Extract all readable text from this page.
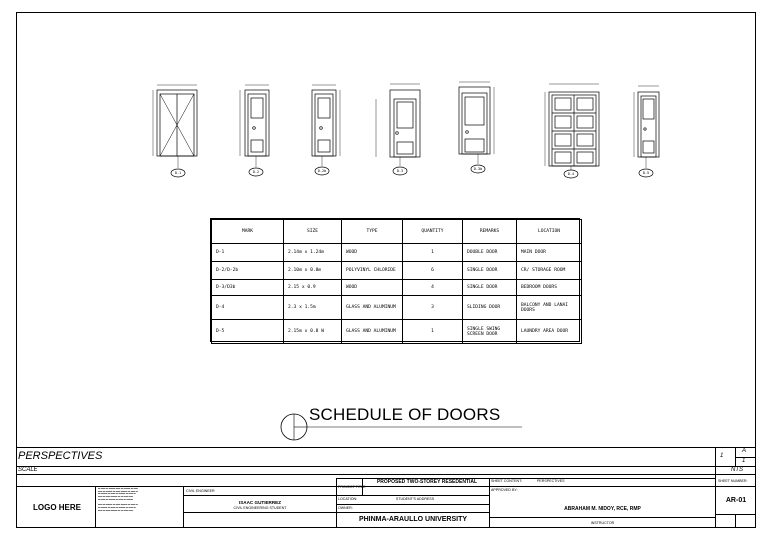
D-1	D-2	D-2b	D-3	D-3b
D-4	D-5
MARK	SIZE	TYPE	QUANTITY	REMARKS	LOCATION
D-1	2.14m x 1.24m	WOOD	1	DOUBLE DOOR	MAIN DOOR
D-2/D-2b	2.10m x 0.8m	POLYVINYL CHLORIDE	6	SINGLE DOOR	CR/ STORAGE ROOM
D-3/D3b	2.15 x 0.9	WOOD	4	SINGLE DOOR	BEDROOM DOORS
D-4	2.3 x 1.5m	GLASS AND ALUMINUM	3	SLIDING DOOR	BALCONY AND LANAI DOORS
D-5	2.15m x 0.8 W	GLASS AND ALUMINUM	1	SINGLE SWING SCREEN DOOR	LAUNDRY AREA DOOR
SCHEDULE OF DOORS
PERSPECTIVES
SCALE
1
A
1
NTS
LOGO HERE
▬ ▬▬ ▬ ▬▬▬ ▬▬ ▬ ▬▬▬ ▬ ▬▬
▬▬ ▬ ▬▬▬ ▬ ▬▬ ▬▬▬ ▬ ▬▬ ▬
▬ ▬▬▬ ▬ ▬▬ ▬ ▬▬▬ ▬ ▬▬ ▬
▬▬ ▬ ▬▬ ▬▬▬ ▬ ▬ ▬▬ ▬▬
▬ ▬▬ ▬ ▬▬▬ ▬ ▬▬ ▬ ▬▬▬

▬▬ ▬ ▬▬▬ ▬ ▬▬ ▬▬▬ ▬ ▬▬ ▬
▬ ▬▬▬ ▬ ▬▬ ▬ ▬▬▬ ▬ ▬▬ ▬
▬▬ ▬ ▬▬ ▬▬▬ ▬ ▬ ▬▬ ▬▬
CIVIL ENGINEER
ISAAC GUTIERREZ
CIVIL ENGINEERING STUDENT
PROJECT TITLE
PROPOSED TWO-STOREY RESEDENTIAL
LOCATION:	STUDENT'S ADDRESS
OWNER:
PHINMA-ARAULLO UNIVERSITY
SHEET CONTENT:	PERSPECTIVES
APPROVED BY:
ABRAHAM M. NIDOY, RCE, RMP
INSTRUCTOR
SHEET NUMBER:
AR-01
